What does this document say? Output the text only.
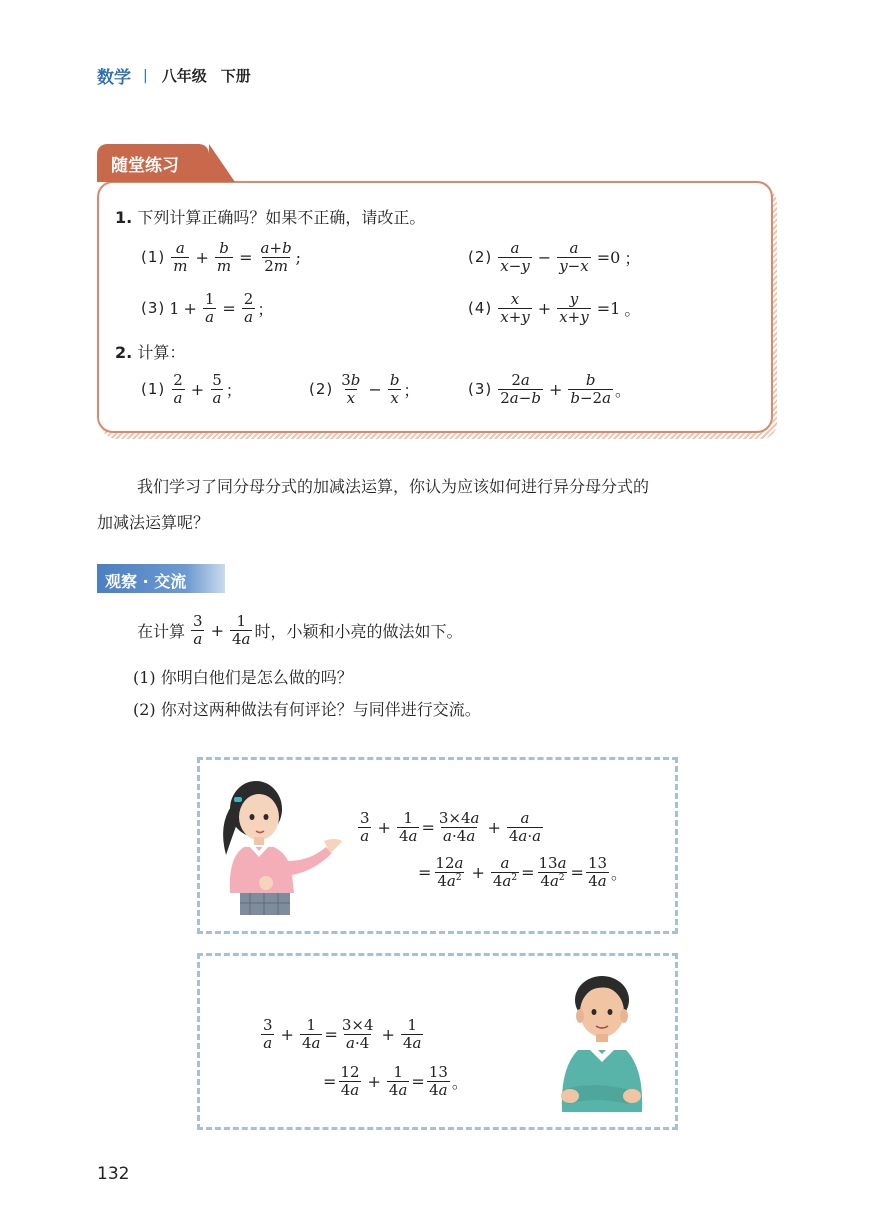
数学 | 八年级 下册
随堂练习
1. 下列计算正确吗？如果不正确，请改正。
$(1) \frac{a}{m} + \frac{b}{m} = \frac{a+b}{2m}$ ;	$(2) \frac{a}{x-y} - \frac{a}{y-x} =0$ ；
(3) $1 + \frac{1}{a} = \frac{2}{a}$ ；	$(4) \frac{x}{x+y} + \frac{y}{x+y} =1$ 。
2. 计算：
$(1) \frac{2}{a} + \frac{5}{a}$ ；	$(2) \frac{3b}{x} - \frac{b}{x}$ ；	$(3) \frac{2a}{2a-b} + \frac{b}{b-2a}$ 。
我们学习了同分母分式的加减法运算，你认为应该如何进行异分母分式的
加减法运算呢？
观察 · 交流
在计算 $\frac{3}{a} + \frac{1}{4a}$ 时，小颖和小亮的做法如下。
(1) 你明白他们是怎么做的吗？
(2) 你对这两种做法有何评论？与同伴进行交流。
$\frac{3}{a} + \frac{1}{4a} = \frac{3\times 4a}{a\cdot 4a} + \frac{a}{4a\cdot a}$
= $\frac{12a}{4a^2} + \frac{a}{4a^2} = \frac{13a}{4a^2} = \frac{13}{4a}$ 。
$\frac{3}{a} + \frac{1}{4a} = \frac{3\times 4}{a\cdot 4} + \frac{1}{4a}$
= $\frac{12}{4a} + \frac{1}{4a} = \frac{13}{4a}$ 。
132
